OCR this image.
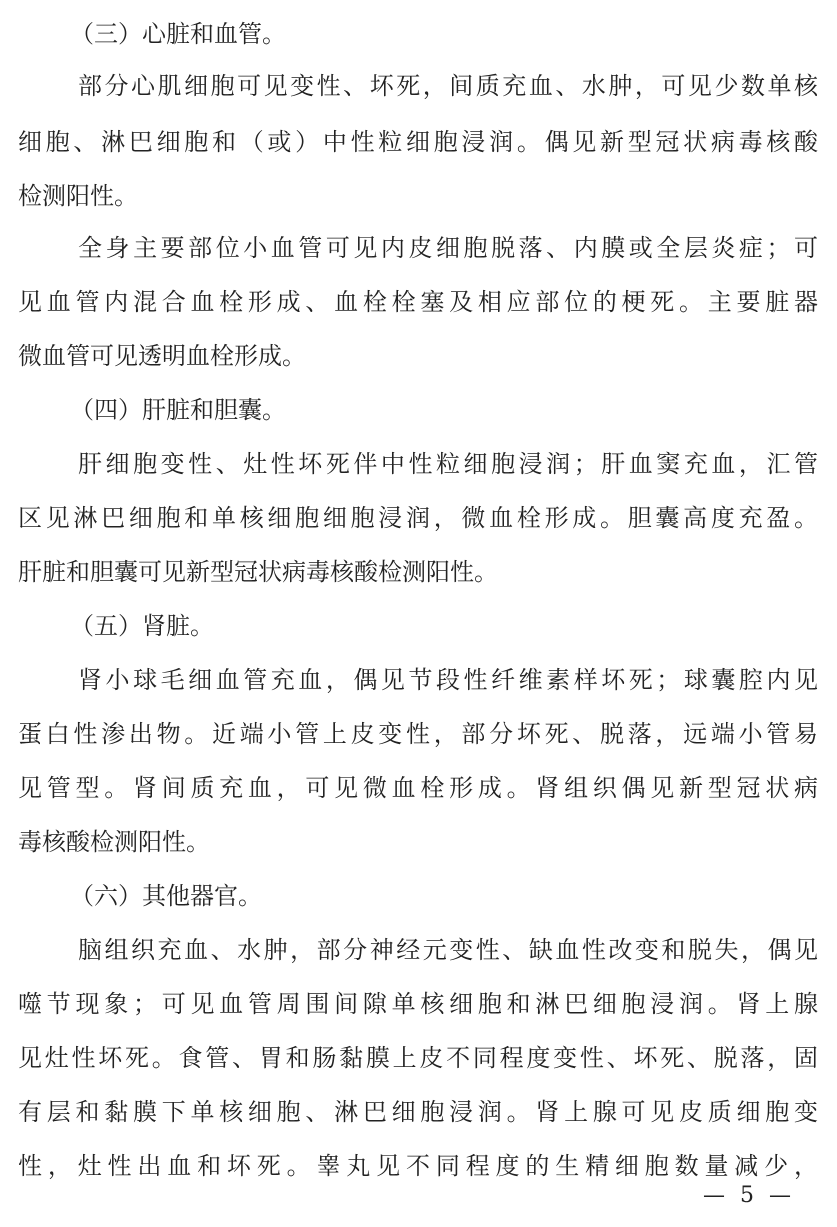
（三）心脏和血管。
部分心肌细胞可见变性、坏死，间质充血、水肿，可见少数单核
细胞、淋巴细胞和（或）中性粒细胞浸润。偶见新型冠状病毒核酸
检测阳性。
全身主要部位小血管可见内皮细胞脱落、内膜或全层炎症；可
见血管内混合血栓形成、血栓栓塞及相应部位的梗死。主要脏器
微血管可见透明血栓形成。
（四）肝脏和胆囊。
肝细胞变性、灶性坏死伴中性粒细胞浸润；肝血窦充血，汇管
区见淋巴细胞和单核细胞细胞浸润，微血栓形成。胆囊高度充盈。
肝脏和胆囊可见新型冠状病毒核酸检测阳性。
（五）肾脏。
肾小球毛细血管充血，偶见节段性纤维素样坏死；球囊腔内见
蛋白性渗出物。近端小管上皮变性，部分坏死、脱落，远端小管易
见管型。肾间质充血，可见微血栓形成。肾组织偶见新型冠状病
毒核酸检测阳性。
（六）其他器官。
脑组织充血、水肿，部分神经元变性、缺血性改变和脱失，偶见
噬节现象；可见血管周围间隙单核细胞和淋巴细胞浸润。肾上腺
见灶性坏死。食管、胃和肠黏膜上皮不同程度变性、坏死、脱落，固
有层和黏膜下单核细胞、淋巴细胞浸润。肾上腺可见皮质细胞变
性，灶性出血和坏死。睾丸见不同程度的生精细胞数量减少，
— 5 —
